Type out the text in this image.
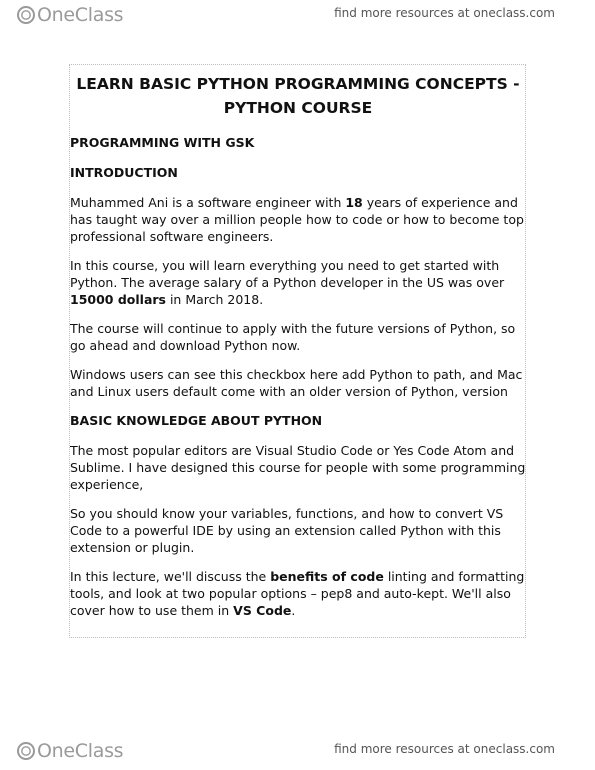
OneClass	find more resources at oneclass.com
LEARN BASIC PYTHON PROGRAMMING CONCEPTS -
PYTHON COURSE
PROGRAMMING WITH GSK
INTRODUCTION

Muhammed Ani is a software engineer with 18 years of experience and has taught way over a million people how to code or how to become top professional software engineers.

In this course, you will learn everything you need to get started with Python. The average salary of a Python developer in the US was over 15000 dollars in March 2018.

The course will continue to apply with the future versions of Python, so go ahead and download Python now.

Windows users can see this checkbox here add Python to path, and Mac and Linux users default come with an older version of Python, version

BASIC KNOWLEDGE ABOUT PYTHON

The most popular editors are Visual Studio Code or Yes Code Atom and Sublime. I have designed this course for people with some programming experience,

So you should know your variables, functions, and how to convert VS Code to a powerful IDE by using an extension called Python with this extension or plugin.

In this lecture, we'll discuss the benefits of code linting and formatting tools, and look at two popular options – pep8 and auto-kept. We'll also cover how to use them in VS Code.

OneClass	find more resources at oneclass.com
